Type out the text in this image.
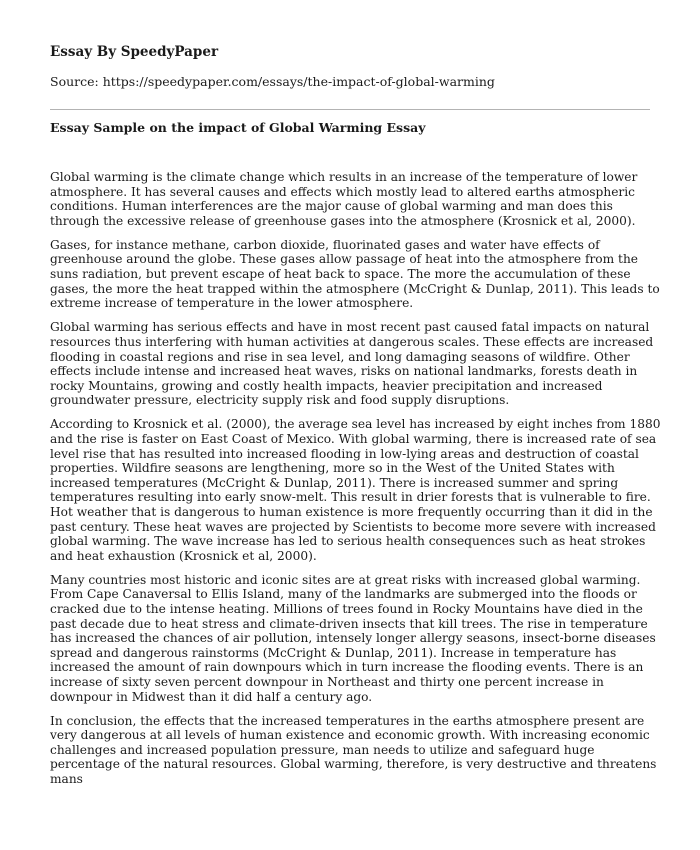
Essay By SpeedyPaper

Source: https://speedypaper.com/essays/the-impact-of-global-warming

Essay Sample on the impact of Global Warming Essay

Global warming is the climate change which results in an increase of the temperature of lower atmosphere. It has several causes and effects which mostly lead to altered earths atmospheric conditions. Human interferences are the major cause of global warming and man does this through the excessive release of greenhouse gases into the atmosphere (Krosnick et al, 2000).

Gases, for instance methane, carbon dioxide, fluorinated gases and water have effects of greenhouse around the globe. These gases allow passage of heat into the atmosphere from the suns radiation, but prevent escape of heat back to space. The more the accumulation of these gases, the more the heat trapped within the atmosphere (McCright & Dunlap, 2011). This leads to extreme increase of temperature in the lower atmosphere.

Global warming has serious effects and have in most recent past caused fatal impacts on natural resources thus interfering with human activities at dangerous scales. These effects are increased flooding in coastal regions and rise in sea level, and long damaging seasons of wildfire. Other effects include intense and increased heat waves, risks on national landmarks, forests death in rocky Mountains, growing and costly health impacts, heavier precipitation and increased groundwater pressure, electricity supply risk and food supply disruptions.

According to Krosnick et al. (2000), the average sea level has increased by eight inches from 1880 and the rise is faster on East Coast of Mexico. With global warming, there is increased rate of sea level rise that has resulted into increased flooding in low-lying areas and destruction of coastal properties. Wildfire seasons are lengthening, more so in the West of the United States with increased temperatures (McCright & Dunlap, 2011). There is increased summer and spring temperatures resulting into early snow-melt. This result in drier forests that is vulnerable to fire. Hot weather that is dangerous to human existence is more frequently occurring than it did in the past century. These heat waves are projected by Scientists to become more severe with increased global warming. The wave increase has led to serious health consequences such as heat strokes and heat exhaustion (Krosnick et al, 2000).

Many countries most historic and iconic sites are at great risks with increased global warming. From Cape Canaversal to Ellis Island, many of the landmarks are submerged into the floods or cracked due to the intense heating. Millions of trees found in Rocky Mountains have died in the past decade due to heat stress and climate-driven insects that kill trees. The rise in temperature has increased the chances of air pollution, intensely longer allergy seasons, insect-borne diseases spread and dangerous rainstorms (McCright & Dunlap, 2011). Increase in temperature has increased the amount of rain downpours which in turn increase the flooding events. There is an increase of sixty seven percent downpour in Northeast and thirty one percent increase in downpour in Midwest than it did half a century ago.

In conclusion, the effects that the increased temperatures in the earths atmosphere present are very dangerous at all levels of human existence and economic growth. With increasing economic challenges and increased population pressure, man needs to utilize and safeguard huge percentage of the natural resources. Global warming, therefore, is very destructive and threatens mans
